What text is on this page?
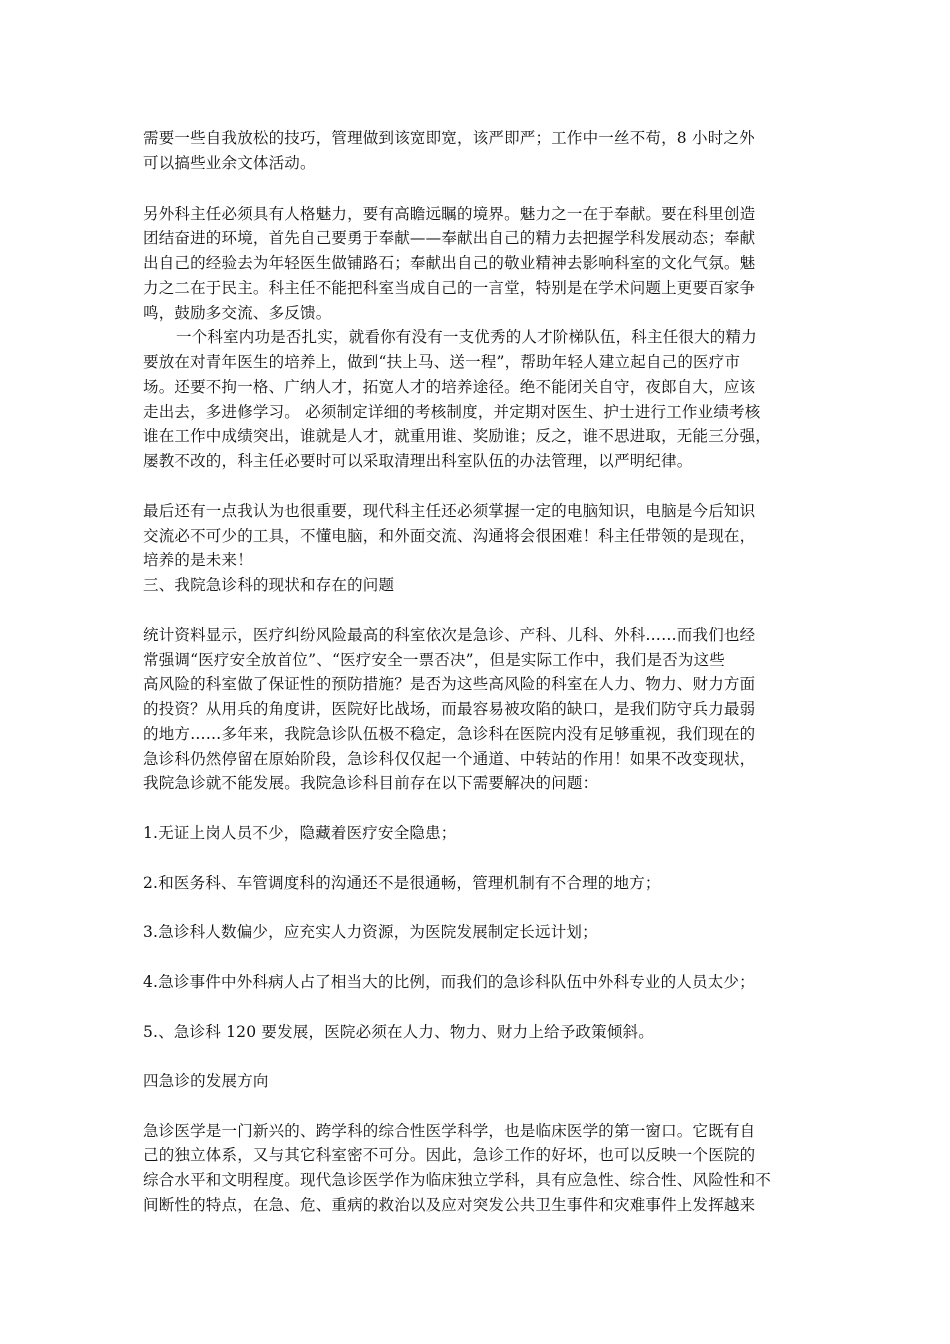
需要一些自我放松的技巧，管理做到该宽即宽，该严即严；工作中一丝不苟，8 小时之外
可以搞些业余文体活动。
另外科主任必须具有人格魅力，要有高瞻远瞩的境界。魅力之一在于奉献。要在科里创造
团结奋进的环境，首先自己要勇于奉献——奉献出自己的精力去把握学科发展动态；奉献
出自己的经验去为年轻医生做铺路石；奉献出自己的敬业精神去影响科室的文化气氛。魅
力之二在于民主。科主任不能把科室当成自己的一言堂，特别是在学术问题上更要百家争
鸣，鼓励多交流、多反馈。
一个科室内功是否扎实，就看你有没有一支优秀的人才阶梯队伍，科主任很大的精力
要放在对青年医生的培养上，做到“扶上马、送一程”，帮助年轻人建立起自己的医疗市
场。还要不拘一格、广纳人才，拓宽人才的培养途径。绝不能闭关自守，夜郎自大，应该
走出去，多进修学习。 必须制定详细的考核制度，并定期对医生、护士进行工作业绩考核
谁在工作中成绩突出，谁就是人才，就重用谁、奖励谁；反之，谁不思进取，无能三分强，
屡教不改的，科主任必要时可以采取清理出科室队伍的办法管理，以严明纪律。
最后还有一点我认为也很重要，现代科主任还必须掌握一定的电脑知识，电脑是今后知识
交流必不可少的工具，不懂电脑，和外面交流、沟通将会很困难！科主任带领的是现在，
培养的是未来！
三、我院急诊科的现状和存在的问题
统计资料显示，医疗纠纷风险最高的科室依次是急诊、产科、儿科、外科……而我们也经
常强调“医疗安全放首位”、“医疗安全一票否决”，但是实际工作中，我们是否为这些
高风险的科室做了保证性的预防措施？是否为这些高风险的科室在人力、物力、财力方面
的投资？从用兵的角度讲，医院好比战场，而最容易被攻陷的缺口，是我们防守兵力最弱
的地方……多年来，我院急诊队伍极不稳定，急诊科在医院内没有足够重视，我们现在的
急诊科仍然停留在原始阶段，急诊科仅仅起一个通道、中转站的作用！如果不改变现状，
我院急诊就不能发展。我院急诊科目前存在以下需要解决的问题：
1.无证上岗人员不少，隐藏着医疗安全隐患；
2.和医务科、车管调度科的沟通还不是很通畅，管理机制有不合理的地方；
3.急诊科人数偏少，应充实人力资源，为医院发展制定长远计划；
4.急诊事件中外科病人占了相当大的比例，而我们的急诊科队伍中外科专业的人员太少；
5.、急诊科 120 要发展，医院必须在人力、物力、财力上给予政策倾斜。
四急诊的发展方向
急诊医学是一门新兴的、跨学科的综合性医学科学，也是临床医学的第一窗口。它既有自
己的独立体系，又与其它科室密不可分。因此，急诊工作的好坏，也可以反映一个医院的
综合水平和文明程度。现代急诊医学作为临床独立学科，具有应急性、综合性、风险性和不
间断性的特点，在急、危、重病的救治以及应对突发公共卫生事件和灾难事件上发挥越来
